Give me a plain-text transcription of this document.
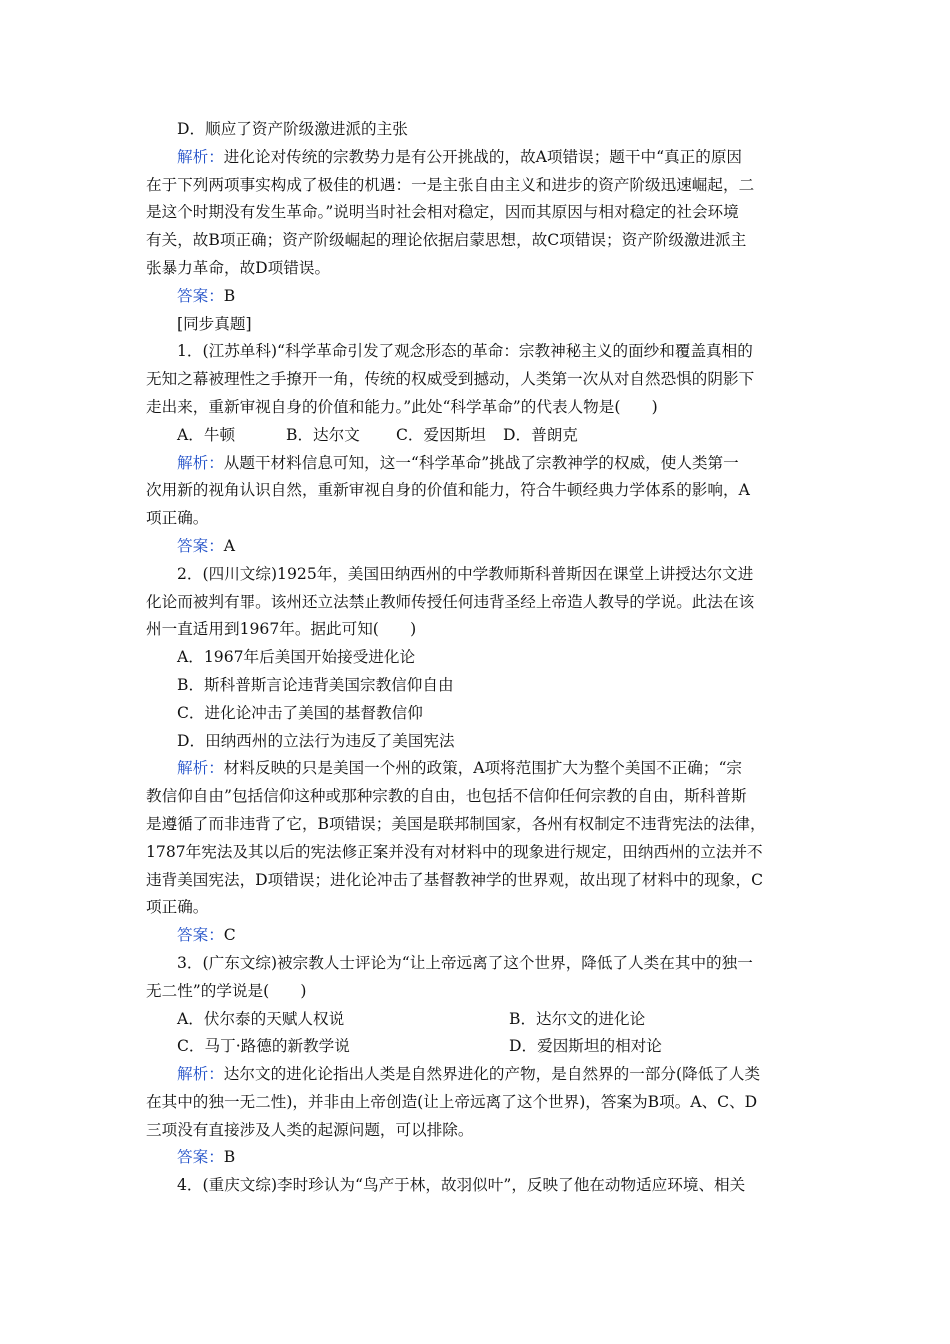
D．顺应了资产阶级激进派的主张
解析：进化论对传统的宗教势力是有公开挑战的，故A项错误；题干中“真正的原因
在于下列两项事实构成了极佳的机遇：一是主张自由主义和进步的资产阶级迅速崛起，二
是这个时期没有发生革命。”说明当时社会相对稳定，因而其原因与相对稳定的社会环境
有关，故B项正确；资产阶级崛起的理论依据启蒙思想，故C项错误；资产阶级激进派主
张暴力革命，故D项错误。
答案：B
[同步真题]
1．(江苏单科)“科学革命引发了观念形态的革命：宗教神秘主义的面纱和覆盖真相的
无知之幕被理性之手撩开一角，传统的权威受到撼动，人类第一次从对自然恐惧的阴影下
走出来，重新审视自身的价值和能力。”此处“科学革命”的代表人物是(　　)
A．牛顿	B．达尔文	C．爱因斯坦	D．普朗克
解析：从题干材料信息可知，这一“科学革命”挑战了宗教神学的权威，使人类第一
次用新的视角认识自然，重新审视自身的价值和能力，符合牛顿经典力学体系的影响，A
项正确。
答案：A
2．(四川文综)1925年，美国田纳西州的中学教师斯科普斯因在课堂上讲授达尔文进
化论而被判有罪。该州还立法禁止教师传授任何违背圣经上帝造人教导的学说。此法在该
州一直适用到1967年。据此可知(　　)
A．1967年后美国开始接受进化论
B．斯科普斯言论违背美国宗教信仰自由
C．进化论冲击了美国的基督教信仰
D．田纳西州的立法行为违反了美国宪法
解析：材料反映的只是美国一个州的政策，A项将范围扩大为整个美国不正确；“宗
教信仰自由”包括信仰这种或那种宗教的自由，也包括不信仰任何宗教的自由，斯科普斯
是遵循了而非违背了它，B项错误；美国是联邦制国家，各州有权制定不违背宪法的法律，
1787年宪法及其以后的宪法修正案并没有对材料中的现象进行规定，田纳西州的立法并不
违背美国宪法，D项错误；进化论冲击了基督教神学的世界观，故出现了材料中的现象，C
项正确。
答案：C
3．(广东文综)被宗教人士评论为“让上帝远离了这个世界，降低了人类在其中的独一
无二性”的学说是(　　)
A．伏尔泰的天赋人权说	B．达尔文的进化论
C．马丁·路德的新教学说	D．爱因斯坦的相对论
解析：达尔文的进化论指出人类是自然界进化的产物，是自然界的一部分(降低了人类
在其中的独一无二性)，并非由上帝创造(让上帝远离了这个世界)，答案为B项。A、C、D
三项没有直接涉及人类的起源问题，可以排除。
答案：B
4．(重庆文综)李时珍认为“鸟产于林，故羽似叶”，反映了他在动物适应环境、相关
